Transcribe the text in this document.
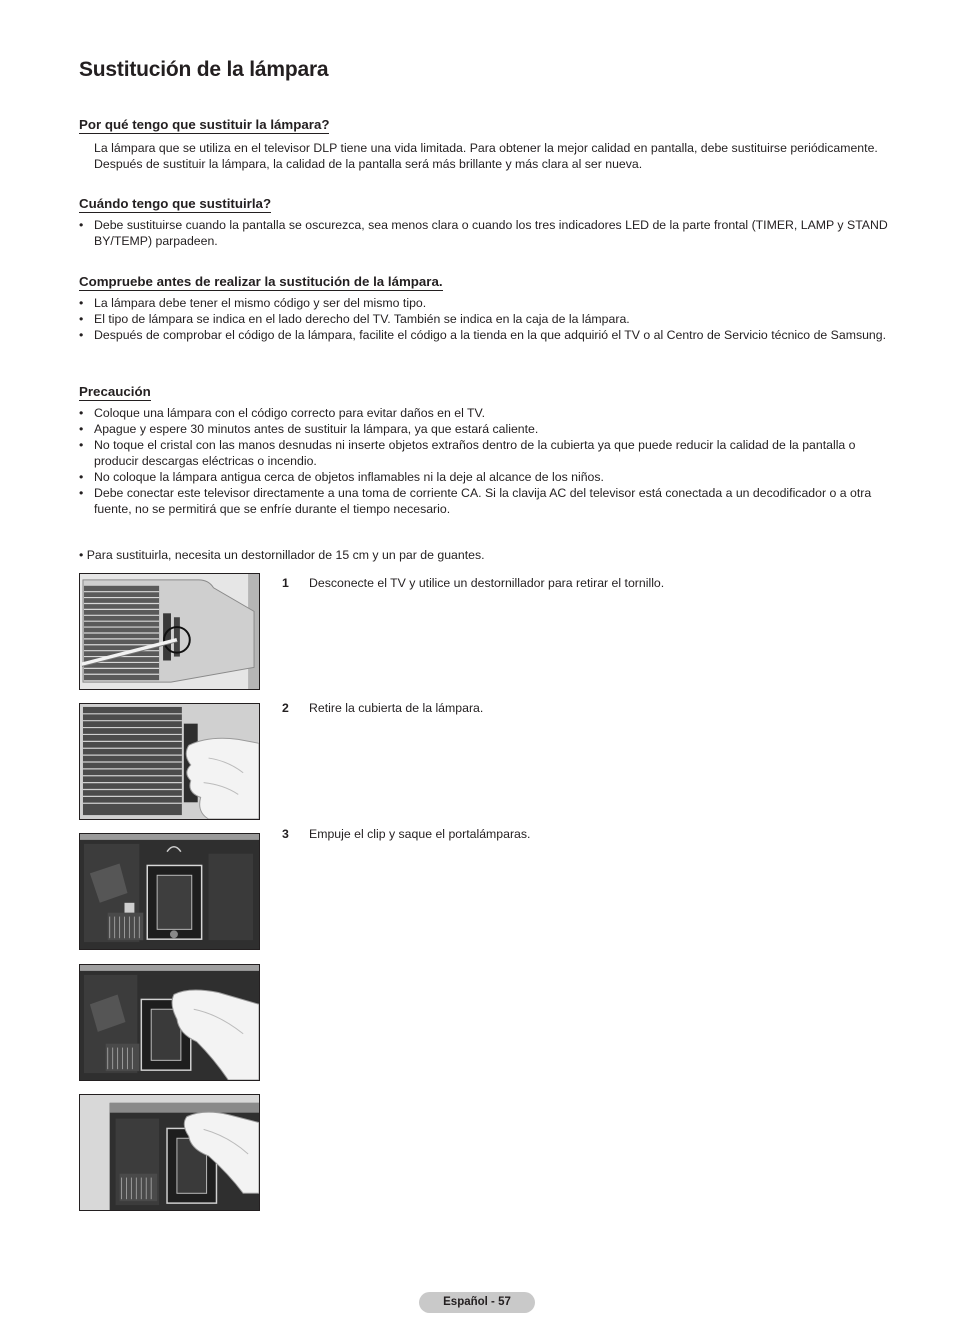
Sustitución de la lámpara
Por qué tengo que sustituir la lámpara?

La lámpara que se utiliza en el televisor DLP tiene una vida limitada. Para obtener la mejor calidad en pantalla, debe sustituirse periódicamente. Después de sustituir la lámpara, la calidad de la pantalla será más brillante y más clara al ser nueva.

Cuándo tengo que sustituirla?
• Debe sustituirse cuando la pantalla se oscurezca, sea menos clara o cuando los tres indicadores LED de la parte frontal (TIMER, LAMP y STAND BY/TEMP) parpadeen.
Compruebe antes de realizar la sustitución de la lámpara.
• La lámpara debe tener el mismo código y ser del mismo tipo.
• El tipo de lámpara se indica en el lado derecho del TV. También se indica en la caja de la lámpara.
• Después de comprobar el código de la lámpara, facilite el código a la tienda en la que adquirió el TV o al Centro de Servicio técnico de Samsung.
Precaución
• Coloque una lámpara con el código correcto para evitar daños en el TV.
• Apague y espere 30 minutos antes de sustituir la lámpara, ya que estará caliente.
• No toque el cristal con las manos desnudas ni inserte objetos extraños dentro de la cubierta ya que puede reducir la calidad de la pantalla o producir descargas eléctricas o incendio.
• No coloque la lámpara antigua cerca de objetos inflamables ni la deje al alcance de los niños.
• Debe conectar este televisor directamente a una toma de corriente CA. Si la clavija AC del televisor está conectada a un decodificador o a otra fuente, no se permitirá que se enfríe durante el tiempo necesario.
• Para sustituirla, necesita un destornillador de 15 cm y un par de guantes.
1 Desconecte el TV y utilice un destornillador para retirar el tornillo.
2 Retire la cubierta de la lámpara.
3 Empuje el clip y saque el portalámparas.
Español - 57
